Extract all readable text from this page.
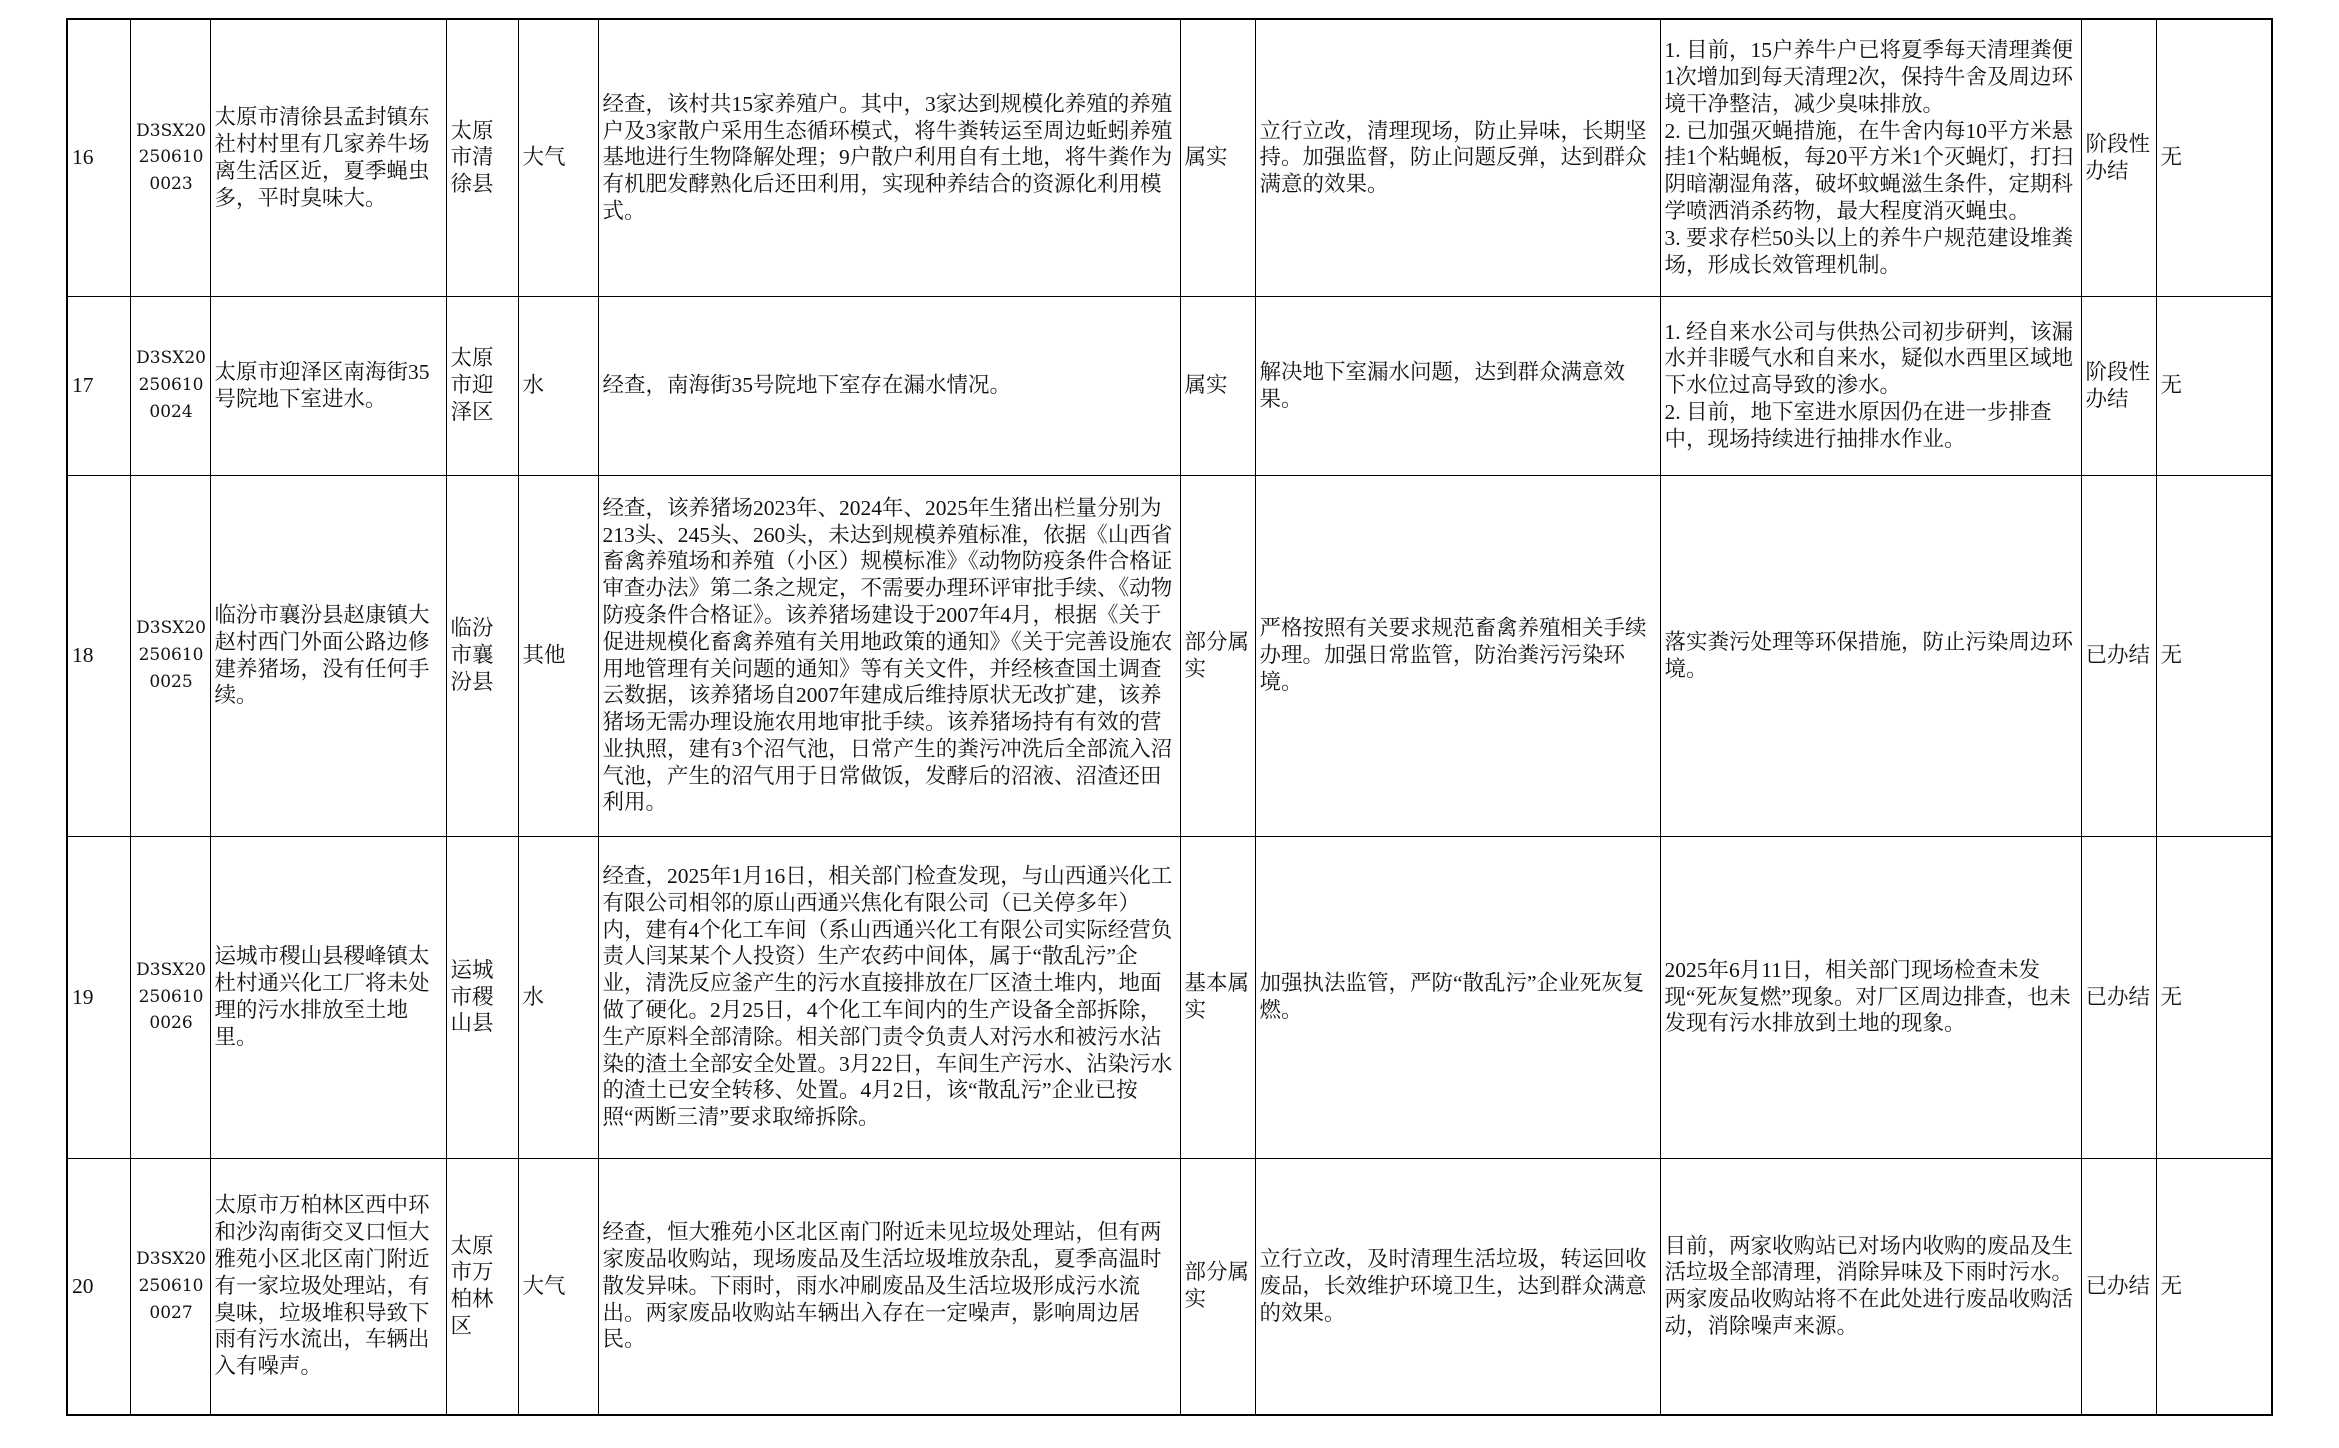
16	D3SX202506100023	太原市清徐县孟封镇东社村村里有几家养牛场离生活区近，夏季蝇虫多，平时臭味大。	太原市清徐县	大气	经查，该村共15家养殖户。其中，3家达到规模化养殖的养殖户及3家散户采用生态循环模式，将牛粪转运至周边蚯蚓养殖基地进行生物降解处理；9户散户利用自有土地，将牛粪作为有机肥发酵熟化后还田利用，实现种养结合的资源化利用模式。	属实	立行立改，清理现场，防止异味，长期坚持。加强监督，防止问题反弹，达到群众满意的效果。	1. 目前，15户养牛户已将夏季每天清理粪便1次增加到每天清理2次，保持牛舍及周边环境干净整洁，减少臭味排放。
2. 已加强灭蝇措施，在牛舍内每10平方米悬挂1个粘蝇板，每20平方米1个灭蝇灯，打扫阴暗潮湿角落，破坏蚊蝇滋生条件，定期科学喷洒消杀药物，最大程度消灭蝇虫。
3. 要求存栏50头以上的养牛户规范建设堆粪场，形成长效管理机制。	阶段性办结	无
17	D3SX202506100024	太原市迎泽区南海街35号院地下室进水。	太原市迎泽区	水	经查，南海街35号院地下室存在漏水情况。	属实	解决地下室漏水问题，达到群众满意效果。	1. 经自来水公司与供热公司初步研判，该漏水并非暖气水和自来水，疑似水西里区域地下水位过高导致的渗水。
2. 目前，地下室进水原因仍在进一步排查中，现场持续进行抽排水作业。	阶段性办结	无
18	D3SX202506100025	临汾市襄汾县赵康镇大赵村西门外面公路边修建养猪场，没有任何手续。	临汾市襄汾县	其他	经查，该养猪场2023年、2024年、2025年生猪出栏量分别为213头、245头、260头，未达到规模养殖标准，依据《山西省畜禽养殖场和养殖（小区）规模标准》《动物防疫条件合格证审查办法》第二条之规定，不需要办理环评审批手续、《动物防疫条件合格证》。该养猪场建设于2007年4月，根据《关于促进规模化畜禽养殖有关用地政策的通知》《关于完善设施农用地管理有关问题的通知》等有关文件，并经核查国土调查云数据，该养猪场自2007年建成后维持原状无改扩建，该养猪场无需办理设施农用地审批手续。该养猪场持有有效的营业执照，建有3个沼气池，日常产生的粪污冲洗后全部流入沼气池，产生的沼气用于日常做饭，发酵后的沼液、沼渣还田利用。	部分属实	严格按照有关要求规范畜禽养殖相关手续办理。加强日常监管，防治粪污污染环境。	落实粪污处理等环保措施，防止污染周边环境。	已办结	无
19	D3SX202506100026	运城市稷山县稷峰镇太杜村通兴化工厂将未处理的污水排放至土地里。	运城市稷山县	水	经查，2025年1月16日，相关部门检查发现，与山西通兴化工有限公司相邻的原山西通兴焦化有限公司（已关停多年）内，建有4个化工车间（系山西通兴化工有限公司实际经营负责人闫某某个人投资）生产农药中间体，属于“散乱污”企业，清洗反应釜产生的污水直接排放在厂区渣土堆内，地面做了硬化。2月25日，4个化工车间内的生产设备全部拆除，生产原料全部清除。相关部门责令负责人对污水和被污水沾染的渣土全部安全处置。3月22日，车间生产污水、沾染污水的渣土已安全转移、处置。4月2日，该“散乱污”企业已按照“两断三清”要求取缔拆除。	基本属实	加强执法监管，严防“散乱污”企业死灰复燃。	2025年6月11日，相关部门现场检查未发现“死灰复燃”现象。对厂区周边排查，也未发现有污水排放到土地的现象。	已办结	无
20	D3SX202506100027	太原市万柏林区西中环和沙沟南街交叉口恒大雅苑小区北区南门附近有一家垃圾处理站，有臭味，垃圾堆积导致下雨有污水流出，车辆出入有噪声。	太原市万柏林区	大气	经查，恒大雅苑小区北区南门附近未见垃圾处理站，但有两家废品收购站，现场废品及生活垃圾堆放杂乱，夏季高温时散发异味。下雨时，雨水冲刷废品及生活垃圾形成污水流出。两家废品收购站车辆出入存在一定噪声，影响周边居民。	部分属实	立行立改，及时清理生活垃圾，转运回收废品，长效维护环境卫生，达到群众满意的效果。	目前，两家收购站已对场内收购的废品及生活垃圾全部清理，消除异味及下雨时污水。两家废品收购站将不在此处进行废品收购活动，消除噪声来源。	已办结	无
